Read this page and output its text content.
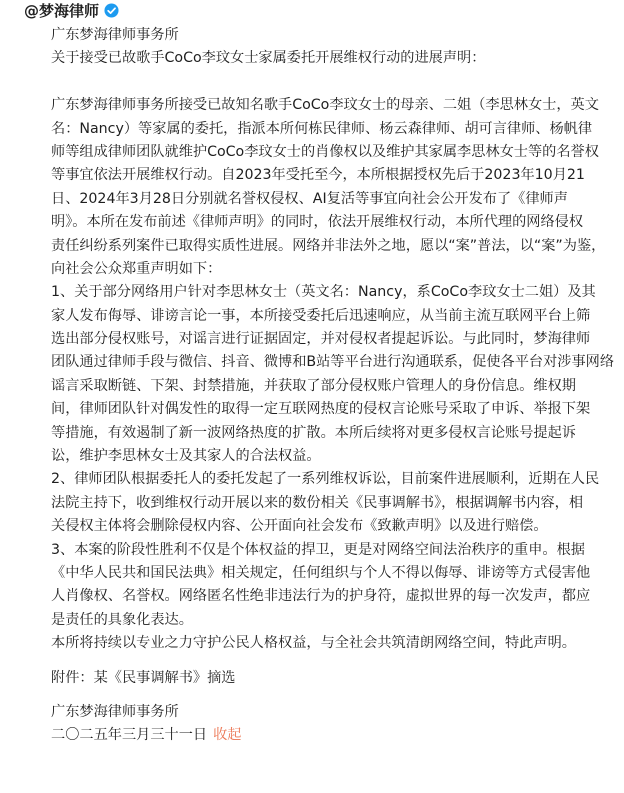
@梦海律师
广东梦海律师事务所
关于接受已故歌手CoCo李玟女士家属委托开展维权行动的进展声明：
广东梦海律师事务所接受已故知名歌手CoCo李玟女士的母亲、二姐（李思林女士，英文
名：Nancy）等家属的委托，指派本所何栋民律师、杨云森律师、胡可言律师、杨帆律
师等组成律师团队就维护CoCo李玟女士的肖像权以及维护其家属李思林女士等的名誉权
等事宜依法开展维权行动。自2023年受托至今，本所根据授权先后于2023年10月21
日、2024年3月28日分别就名誉权侵权、AI复活等事宜向社会公开发布了《律师声
明》。本所在发布前述《律师声明》的同时，依法开展维权行动，本所代理的网络侵权
责任纠纷系列案件已取得实质性进展。网络并非法外之地，愿以“案”普法，以“案”为鉴，
向社会公众郑重声明如下：
1、关于部分网络用户针对李思林女士（英文名：Nancy，系CoCo李玟女士二姐）及其
家人发布侮辱、诽谤言论一事，本所接受委托后迅速响应，从当前主流互联网平台上筛
选出部分侵权账号，对谣言进行证据固定，并对侵权者提起诉讼。与此同时，梦海律师
团队通过律师手段与微信、抖音、微博和B站等平台进行沟通联系，促使各平台对涉事网络
谣言采取断链、下架、封禁措施，并获取了部分侵权账户管理人的身份信息。维权期
间，律师团队针对偶发性的取得一定互联网热度的侵权言论账号采取了申诉、举报下架
等措施，有效遏制了新一波网络热度的扩散。本所后续将对更多侵权言论账号提起诉
讼，维护李思林女士及其家人的合法权益。
2、律师团队根据委托人的委托发起了一系列维权诉讼，目前案件进展顺利，近期在人民
法院主持下，收到维权行动开展以来的数份相关《民事调解书》，根据调解书内容，相
关侵权主体将会删除侵权内容、公开面向社会发布《致歉声明》以及进行赔偿。
3、本案的阶段性胜利不仅是个体权益的捍卫，更是对网络空间法治秩序的重申。根据
《中华人民共和国民法典》相关规定，任何组织与个人不得以侮辱、诽谤等方式侵害他
人肖像权、名誉权。网络匿名性绝非违法行为的护身符，虚拟世界的每一次发声，都应
是责任的具象化表达。
本所将持续以专业之力守护公民人格权益，与全社会共筑清朗网络空间，特此声明。
附件：某《民事调解书》摘选
广东梦海律师事务所
二〇二五年三月三十一日 收起
